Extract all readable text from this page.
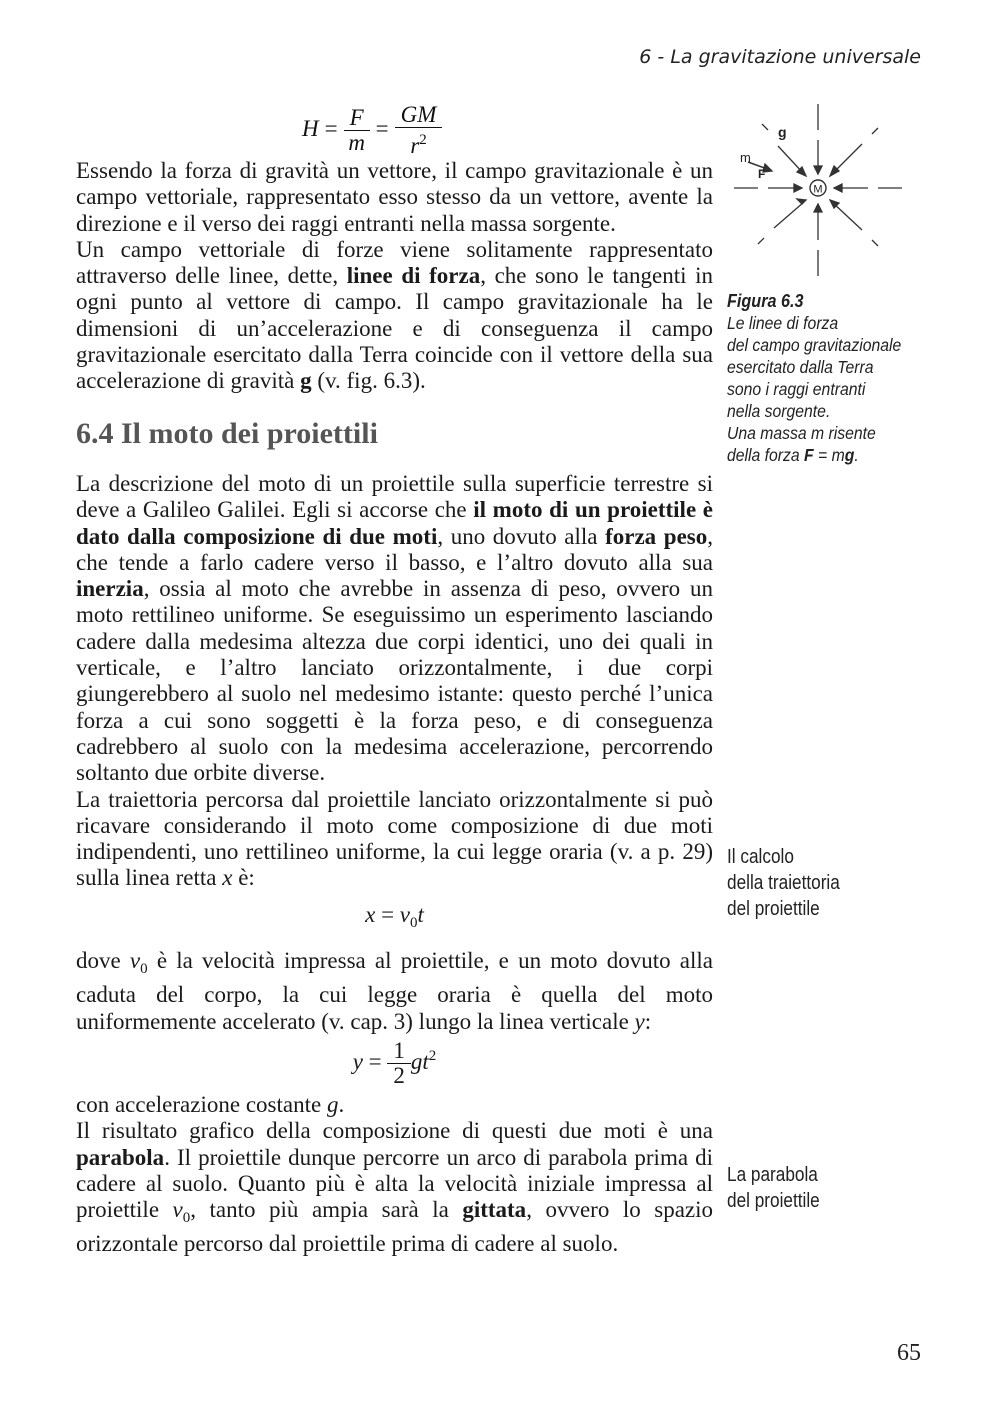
6 - La gravitazione universale
M
g
m
F
Figura 6.3
Le linee di forza
del campo gravitazionale
esercitato dalla Terra
sono i raggi entranti
nella sorgente.
Una massa m risente
della forza F = mg.
$H = \frac{F}{m} = \frac{GM}{r^2}$

Essendo la forza di gravità un vettore, il campo gravitazionale è un campo vettoriale, rappresentato esso stesso da un vettore, avente la direzione e il verso dei raggi entranti nella massa sorgente.

Un campo vettoriale di forze viene solitamente rappresentato attraverso delle linee, dette, linee di forza, che sono le tangenti in ogni punto al vettore di campo. Il campo gravitazionale ha le dimensioni di un’accelerazione e di conseguenza il campo gravitazionale esercitato dalla Terra coincide con il vettore della sua accelerazione di gravità g (v. fig. 6.3).

6.4 Il moto dei proiettili

La descrizione del moto di un proiettile sulla superficie terrestre si deve a Galileo Galilei. Egli si accorse che il moto di un proiettile è dato dalla composizione di due moti, uno dovuto alla forza peso, che tende a farlo cadere verso il basso, e l’altro dovuto alla sua inerzia, ossia al moto che avrebbe in assenza di peso, ovvero un moto rettilineo uniforme. Se eseguissimo un esperimento lasciando cadere dalla medesima altezza due corpi identici, uno dei quali in verticale, e l’altro lanciato orizzontalmente, i due corpi giungerebbero al suolo nel medesimo istante: questo perché l’unica forza a cui sono soggetti è la forza peso, e di conseguenza cadrebbero al suolo con la medesima accelerazione, percorrendo soltanto due orbite diverse.

La traiettoria percorsa dal proiettile lanciato orizzontalmente si può ricavare considerando il moto come composizione di due moti indipendenti, uno rettilineo uniforme, la cui legge oraria (v. a p. 29) sulla linea retta x è:

$x = v_0t$

dove $v_0$ è la velocità impressa al proiettile, e un moto dovuto alla caduta del corpo, la cui legge oraria è quella del moto uniformemente accelerato (v. cap. 3) lungo la linea verticale y:

$y = \frac{1}{2} gt^2$

con accelerazione costante g.

Il risultato grafico della composizione di questi due moti è una parabola. Il proiettile dunque percorre un arco di parabola prima di cadere al suolo. Quanto più è alta la velocità iniziale impressa al proiettile $v_0$, tanto più ampia sarà la gittata, ovvero lo spazio orizzontale percorso dal proiettile prima di cadere al suolo.

Il calcolo
della traiettoria
del proiettile
La parabola
del proiettile
65
